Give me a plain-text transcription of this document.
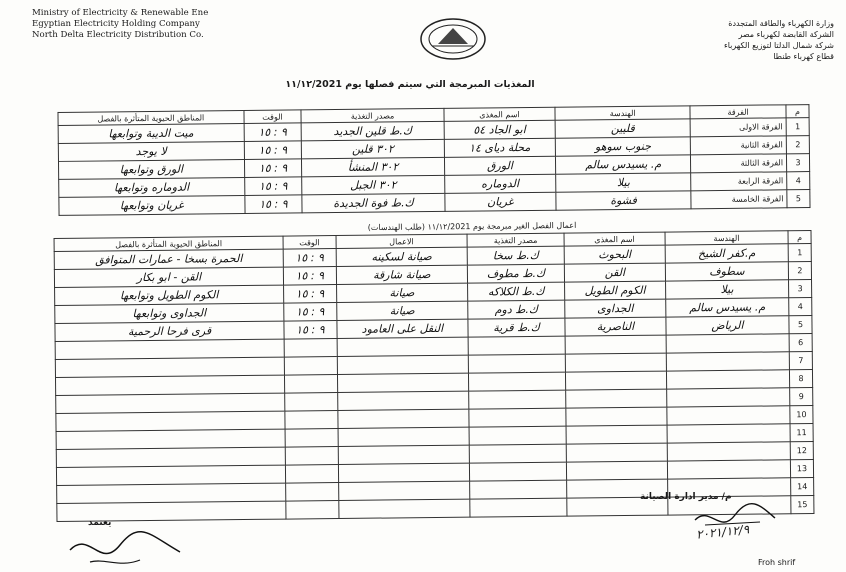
Ministry of Electricity & Renewable Ene
Egyptian Electricity Holding Company
North Delta Electricity Distribution Co.
وزارة الكهرباء والطاقة المتجددة
الشركة القابضة لكهرباء مصر
شركة شمال الدلتا لتوزيع الكهرباء
قطاع كهرباء طنطا
المغذيات المبرمجة التي سيتم فصلها يوم ١١/١٢/2021
م	الفرقة	الهندسة	اسم المغذى	مصدر التغذية	الوقت	المناطق الحيوية المتأثرة بالفصل
1	الفرقة الاولى	قليين	ابو الجاد ٥٤	ك.ط قلين الجديد	٩ : ١٥	ميت الديبة وتوابعها
2	الفرقة الثانية	جنوب سوهو	محلة دياى ١٤	٣٠٢ قلين	٩ : ١٥	لا يوجد
3	الفرقة الثالثة	م. يسيدس سالم	الورق	٣٠٢ المنشأ	٩ : ١٥	الورق وتوابعها
4	الفرقة الرابعة	بيلا	الدوماره	٣٠٢ الجبل	٩ : ١٥	الدوماره وتوابعها
5	الفرقة الخامسة	فشوة	غريان	ك.ط فوة الجديدة	٩ : ١٥	غريان وتوابعها
اعمال الفصل الغير مبرمجة يوم ١١/١٢/2021 (طلب الهندسات)
م	الهندسة	اسم المغذى	مصدر التغذية	الاعمال	الوقت	المناطق الحيوية المتأثرة بالفصل
1	م.كفر الشيخ	البحوث	ك.ط سخا	صيانة لسكينه	٩ : ١٥	الحمرة بسخا - عمارات المتوافق
2	سطوف	القن	ك.ط مطوف	صيانة شارقة	٩ : ١٥	القن - ابو بكار
3	بيلا	الكوم الطويل	ك.ط الكلاكه	صيانة	٩ : ١٥	الكوم الطويل وتوابعها
4	م. يسيدس سالم	الجداوى	ك.ط دوم	صيانة	٩ : ١٥	الجداوى وتوابعها
5	الرياض	الناصرية	ك.ط قرية	النقل على العامود	٩ : ١٥	قرى فرحا الرحمية
6						
7						
8						
9						
10						
11						
12						
13						
14						
15						
م/ مدير ادارة الصيانة
٢٠٢١/١٢/٩
Froh shrif
يعتمد
